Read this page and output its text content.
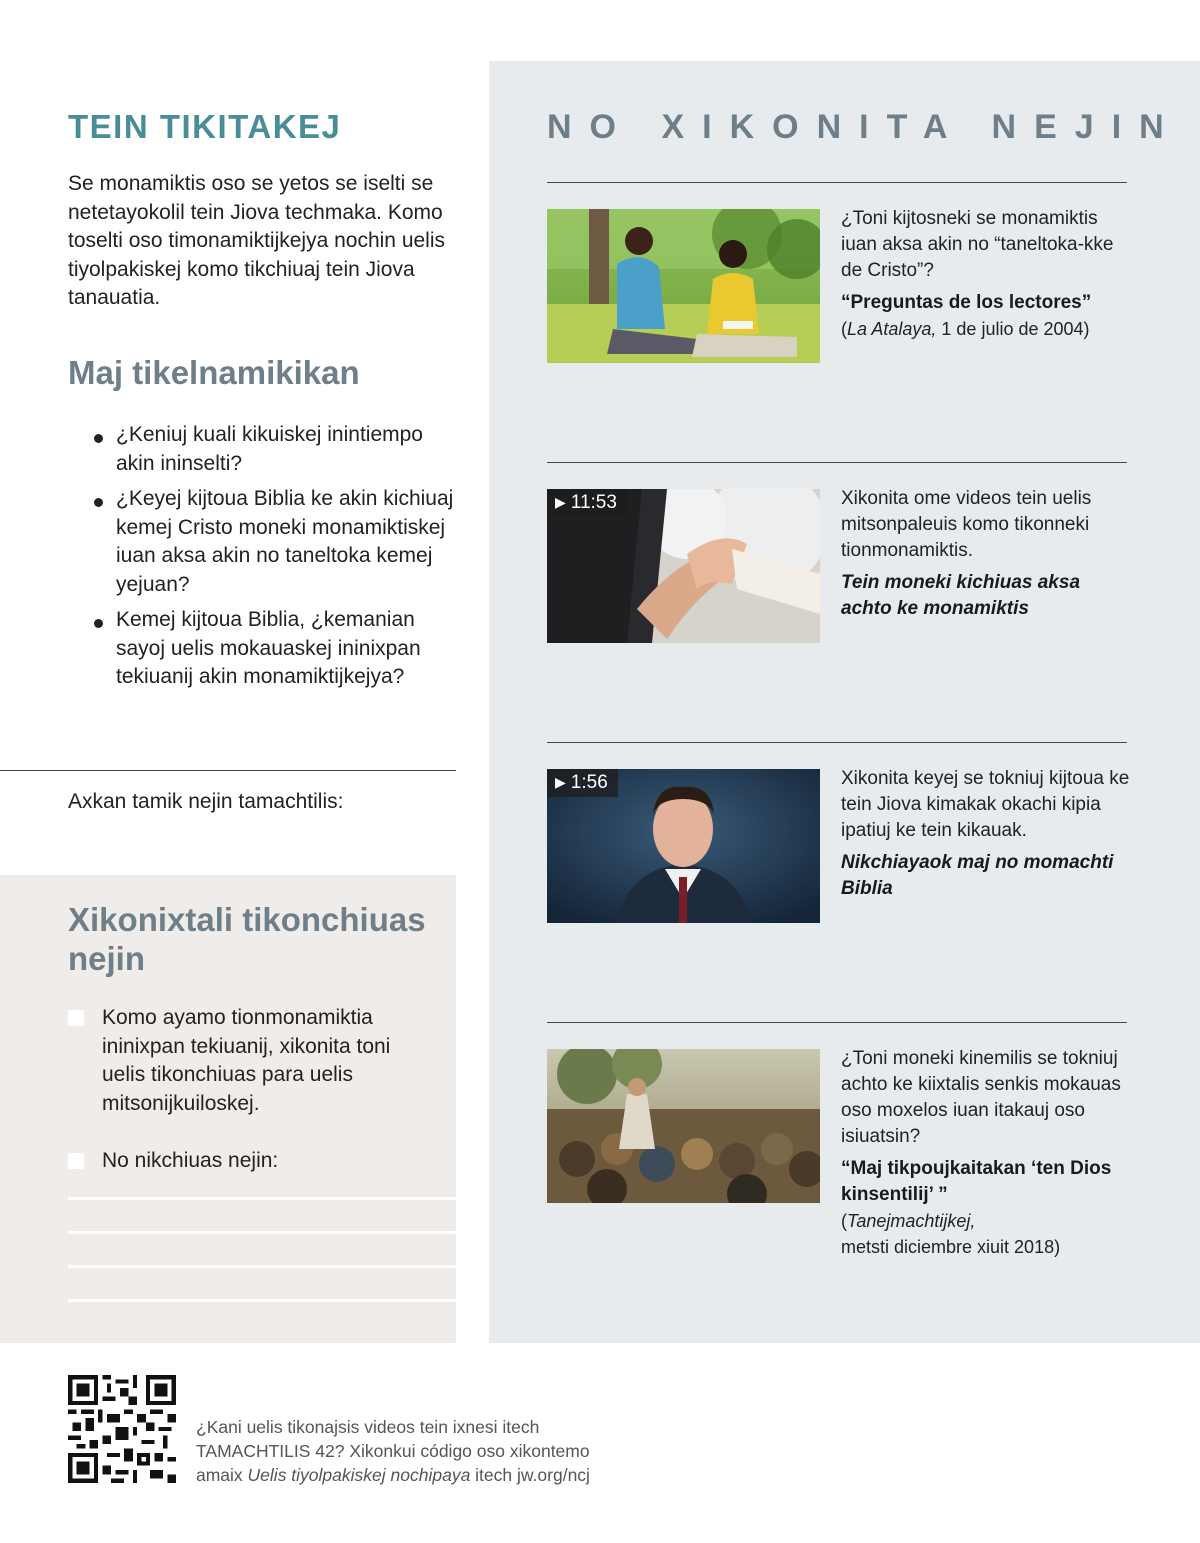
TEIN TIKITAKEJ

Se monamiktis oso se yetos se iselti se netetayokolil tein Jiova techmaka. Komo toselti oso timonamiktijkejya nochin uelis tiyolpakiskej komo tikchiuaj tein Jiova tanauatia.

Maj tikelnamikikan
¿Keniuj kuali kikuiskej inintiempo akin ininselti?
¿Keyej kijtoua Biblia ke akin kichiuaj kemej Cristo moneki monamiktiskej iuan aksa akin no taneltoka kemej yejuan?
Kemej kijtoua Biblia, ¿kemanian sayoj uelis mokauaskej ininixpan tekiuanij akin monamiktijkejya?
Axkan tamik nejin tamachtilis:
Xikonixtali tikonchiuas nejin

Komo ayamo tionmonamiktia ininixpan tekiuanij, xikonita toni uelis tikonchiuas para uelis mitsonijkuiloskej.

No nikchiuas nejin:

NO XIKONITA NEJIN

¿Toni kijtosneki se monamiktis iuan aksa akin no “taneltoka-kke de Cristo”?

“Preguntas de los lectores”

(La Atalaya, 1 de julio de 2004)

▶ 11:53	Xikonita ome videos tein uelis mitsonpaleuis komo tikonneki tionmonamiktis.

Tein moneki kichiuas aksa achto ke monamiktis

▶ 1:56	Xikonita keyej se tokniuj kijtoua ke tein Jiova kimakak okachi kipia ipatiuj ke tein kikauak.

Nikchiayaok maj no momachti Biblia

¿Toni moneki kinemilis se tokniuj achto ke kiixtalis senkis mokauas oso moxelos iuan itakauj oso isiuatsin?

“Maj tikpoujkaitakan ‘ten Dios kinsentilij’ ”

(Tanejmachtijkej,
metsti diciembre xiuit 2018)

¿Kani uelis tikonajsis videos tein ixnesi itech
TAMACHTILIS 42? Xikonkui código oso xikontemo
amaix Uelis tiyolpakiskej nochipaya itech jw.org/ncj
